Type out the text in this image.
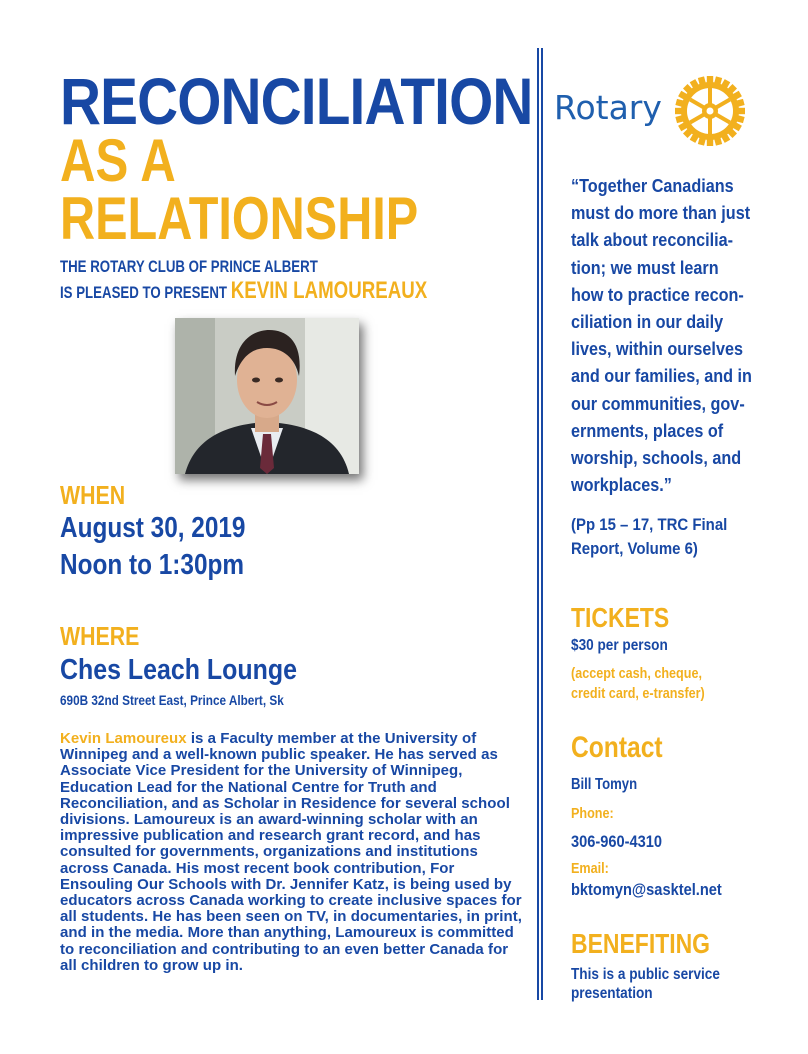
RECONCILIATION
AS A
RELATIONSHIP
THE ROTARY CLUB OF PRINCE ALBERT
IS PLEASED TO PRESENT KEVIN LAMOUREAUX
WHEN
August 30, 2019
Noon to 1:30pm
WHERE
Ches Leach Lounge
690B 32nd Street East, Prince Albert, Sk
Kevin Lamoureux is a Faculty member at the University of Winnipeg and a well-known public speaker. He has served as Associate Vice President for the University of Winnipeg, Education Lead for the National Centre for Truth and Reconciliation, and as Scholar in Residence for several school divisions. Lamoureux is an award-winning scholar with an impressive publication and research grant record, and has consulted for governments, organizations and institutions across Canada. His most recent book contribution, For Ensouling Our Schools with Dr. Jennifer Katz, is being used by educators across Canada working to create inclusive spaces for all students. He has been seen on TV, in documentaries, in print, and in the media. More than anything, Lamoureux is committed to reconciliation and contributing to an even better Canada for all children to grow up in.
Rotary
“Together Canadians
must do more than just
talk about reconcilia-
tion; we must learn
how to practice recon-
ciliation in our daily
lives, within ourselves
and our families, and in
our communities, gov-
ernments, places of
worship, schools, and
workplaces.”
(Pp 15 – 17, TRC Final
Report, Volume 6)
TICKETS
$30 per person
(accept cash, cheque,
credit card, e-transfer)
Contact
Bill Tomyn
Phone:
306-960-4310
Email:
bktomyn@sasktel.net
BENEFITING
This is a public service
presentation
